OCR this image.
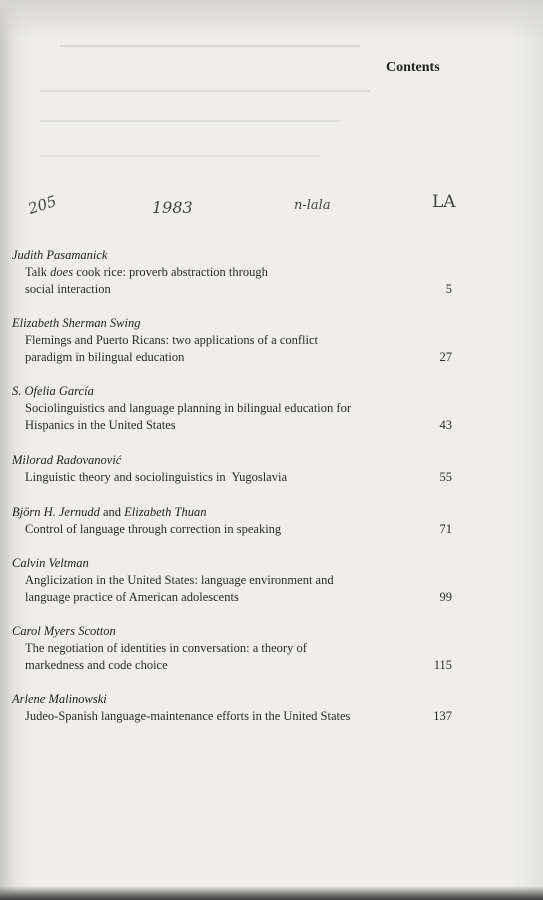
Contents
205	1983	n-lala	LA
Judith Pasamanick
Talk does cook rice: proverb abstraction through
social interaction	5
Elizabeth Sherman Swing
Flemings and Puerto Ricans: two applications of a conflict
paradigm in bilingual education	27
S. Ofelia García
Sociolinguistics and language planning in bilingual education for
Hispanics in the United States	43
Milorad Radovanović
Linguistic theory and sociolinguistics in  Yugoslavia	55
Björn H. Jernudd and Elizabeth Thuan
Control of language through correction in speaking	71
Calvin Veltman
Anglicization in the United States: language environment and
language practice of American adolescents	99
Carol Myers Scotton
The negotiation of identities in conversation: a theory of
markedness and code choice	115
Arlene Malinowski
Judeo-Spanish language-maintenance efforts in the United States	137
